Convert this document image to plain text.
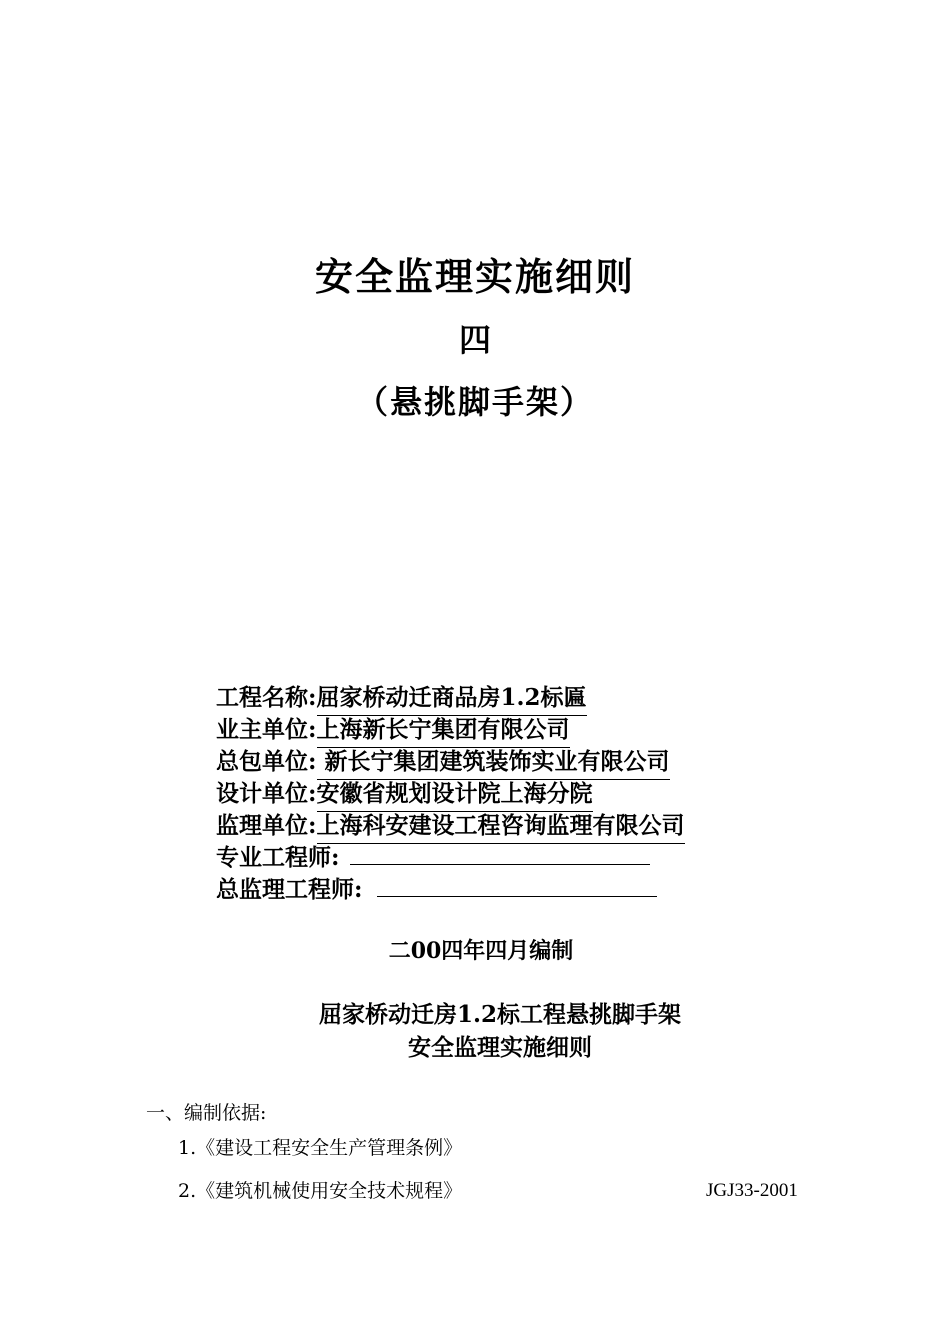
安全监理实施细则
四
（悬挑脚手架）
工程名称: 屈家桥动迁商品房1.2标匾
业主单位: 上海新长宁集团有限公司
总包单位: 新长宁集团建筑装饰实业有限公司
设计单位: 安徽省规划设计院上海分院
监理单位: 上海科安建设工程咨询监理有限公司
专业工程师:
总监理工程师:
二00四年四月编制
屈家桥动迁房1.2标工程悬挑脚手架
安全监理实施细则
一、编制依据:
1.《建设工程安全生产管理条例》
2.《建筑机械使用安全技术规程》	JGJ33-2001
